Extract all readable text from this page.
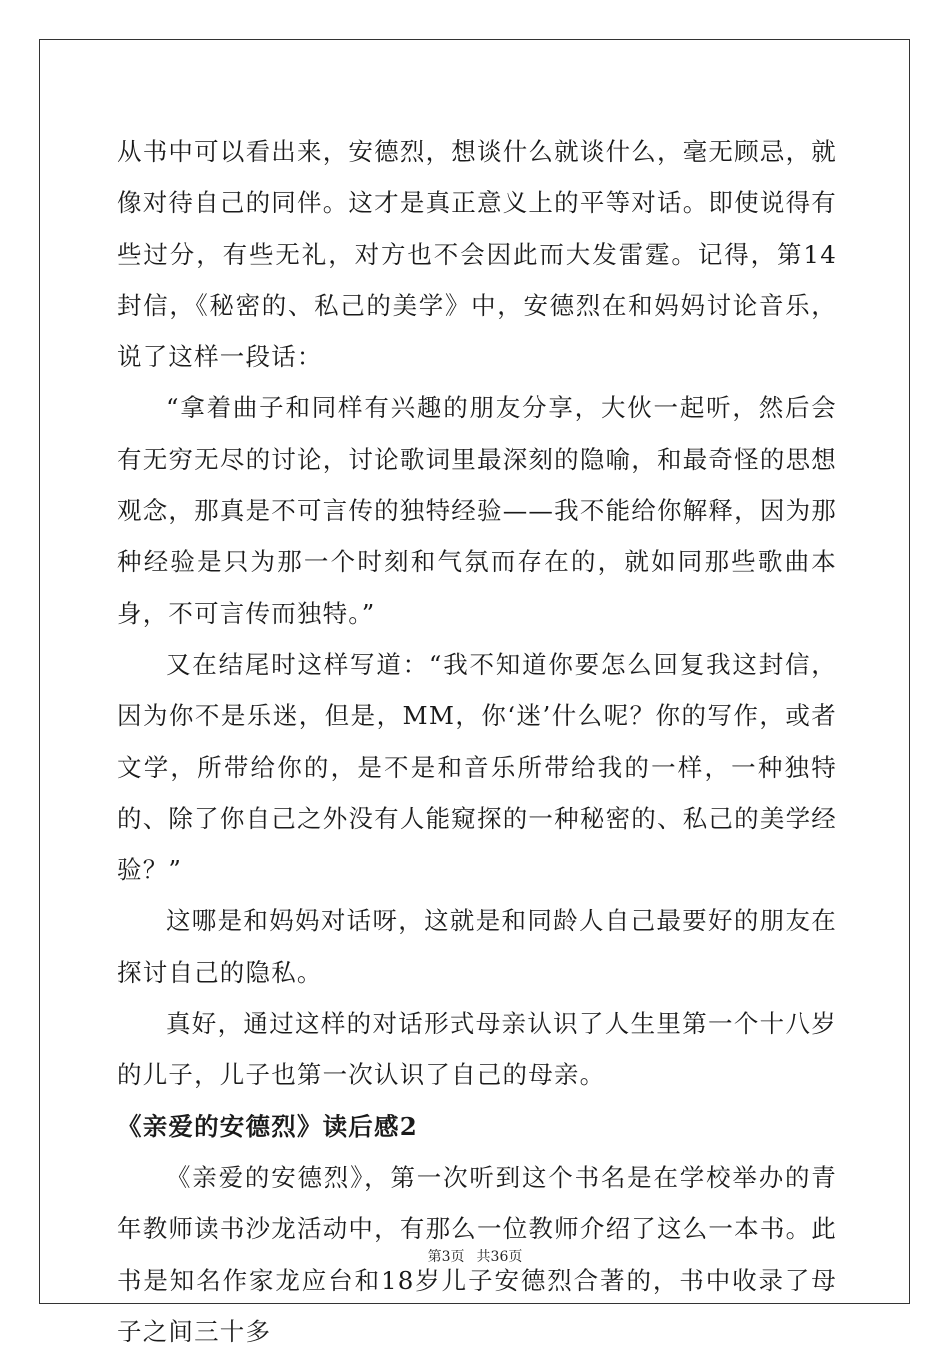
从书中可以看出来，安德烈，想谈什么就谈什么，毫无顾忌，就像对待自己的同伴。这才是真正意义上的平等对话。即使说得有些过分，有些无礼，对方也不会因此而大发雷霆。记得，第14封信，《秘密的、私己的美学》中，安德烈在和妈妈讨论音乐，说了这样一段话：

“拿着曲子和同样有兴趣的朋友分享，大伙一起听，然后会有无穷无尽的讨论，讨论歌词里最深刻的隐喻，和最奇怪的思想观念，那真是不可言传的独特经验——我不能给你解释，因为那种经验是只为那一个时刻和气氛而存在的，就如同那些歌曲本身，不可言传而独特。”

又在结尾时这样写道：“我不知道你要怎么回复我这封信，因为你不是乐迷，但是，MM，你‘迷’什么呢？你的写作，或者文学，所带给你的，是不是和音乐所带给我的一样，一种独特的、除了你自己之外没有人能窥探的一种秘密的、私己的美学经验？”

这哪是和妈妈对话呀，这就是和同龄人自己最要好的朋友在探讨自己的隐私。

真好，通过这样的对话形式母亲认识了人生里第一个十八岁的儿子，儿子也第一次认识了自己的母亲。

《亲爱的安德烈》读后感2

《亲爱的安德烈》，第一次听到这个书名是在学校举办的青年教师读书沙龙活动中，有那么一位教师介绍了这么一本书。此书是知名作家龙应台和18岁儿子安德烈合著的，书中收录了母子之间三十多

第3页 共36页
